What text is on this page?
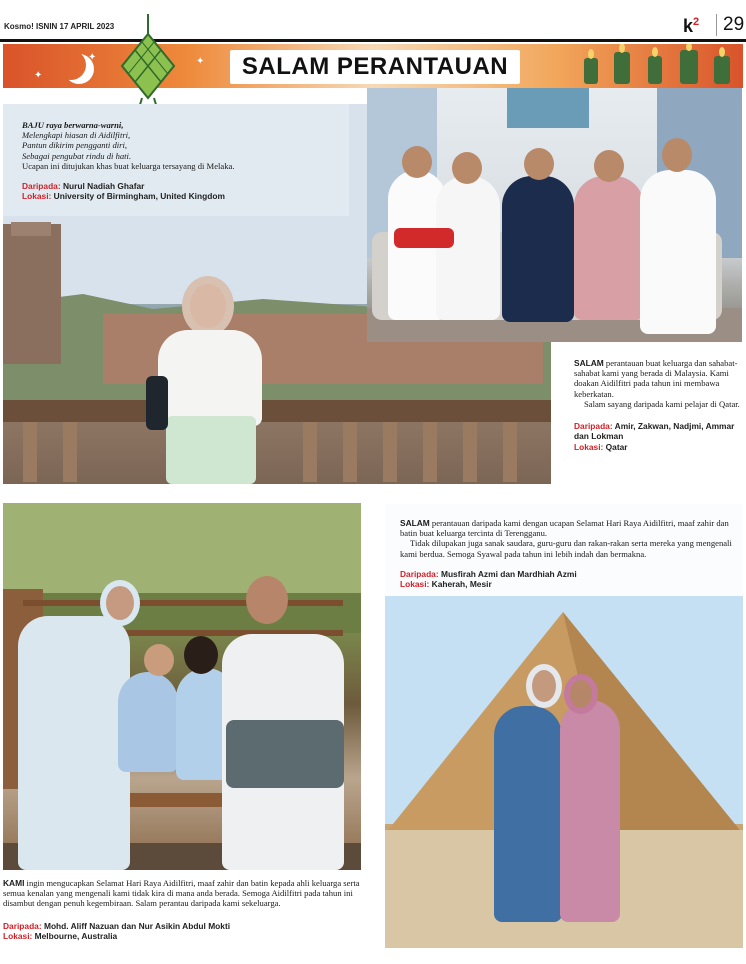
Kosmo! ISNIN 17 APRIL 2023	$k^2$	29
✦
✦
✦	SALAM PERANTAUAN
BAJU raya berwarna-warni,
Melengkapi hiasan di Aidilfitri,
Pantun dikirim pengganti diri,
Sebagai pengubat rindu di hati.
Ucapan ini ditujukan khas buat keluarga tersayang di Melaka.
Daripada: Nurul Nadiah Ghafar
Lokasi: University of Birmingham, United Kingdom
SALAM perantauan buat keluarga dan sahabat-sahabat kami yang berada di Malaysia. Kami doakan Aidilfitri pada tahun ini membawa keberkatan.
Salam sayang daripada kami pelajar di Qatar.
Daripada: Amir, Zakwan, Nadjmi, Ammar dan Lokman
Lokasi: Qatar
KAMI ingin mengucapkan Selamat Hari Raya Aidilfitri, maaf zahir dan batin kepada ahli keluarga serta semua kenalan yang mengenali kami tidak kira di mana anda berada. Semoga Aidilfitri pada tahun ini disambut dengan penuh kegembiraan. Salam perantau daripada kami sekeluarga.
Daripada: Mohd. Aliff Nazuan dan Nur Asikin Abdul Mokti
Lokasi: Melbourne, Australia
SALAM perantauan daripada kami dengan ucapan Selamat Hari Raya Aidilfitri, maaf zahir dan batin buat keluarga tercinta di Terengganu.
Tidak dilupakan juga sanak saudara, guru-guru dan rakan-rakan serta mereka yang mengenali kami berdua. Semoga Syawal pada tahun ini lebih indah dan bermakna.
Daripada: Musfirah Azmi dan Mardhiah Azmi
Lokasi: Kaherah, Mesir
